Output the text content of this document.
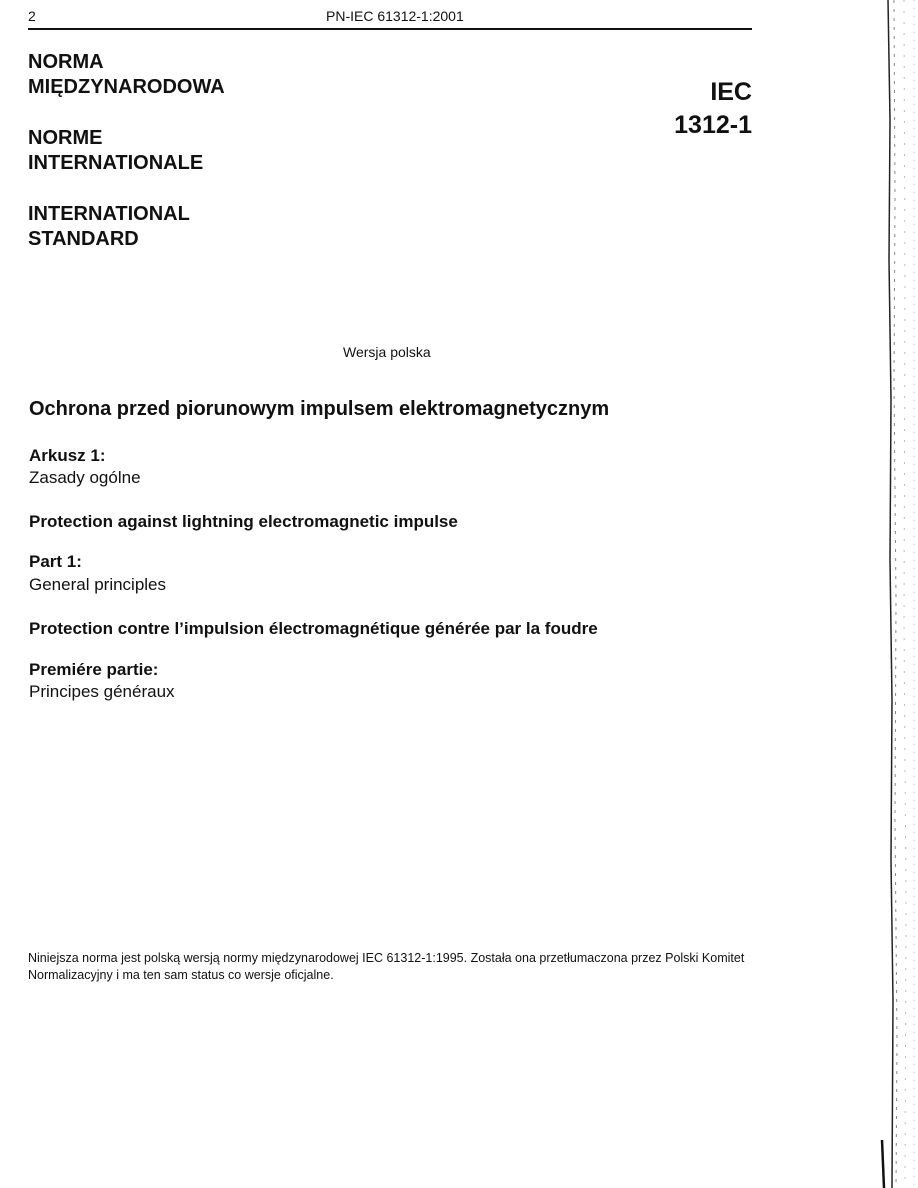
2	PN-IEC 61312-1:2001
NORMA
MIĘDZYNARODOWA
NORME
INTERNATIONALE
INTERNATIONAL
STANDARD
IEC
1312-1
Wersja polska
Ochrona przed piorunowym impulsem elektromagnetycznym
Arkusz 1:
Zasady ogólne
Protection against lightning electromagnetic impulse
Part 1:
General principles
Protection contre l’impulsion électromagnétique générée par la foudre
Premiére partie:
Principes généraux
Niniejsza norma jest polską wersją normy międzynarodowej IEC 61312-1:1995. Została ona przetłumaczona przez Polski Komitet Normalizacyjny i ma ten sam status co wersje oficjalne.
